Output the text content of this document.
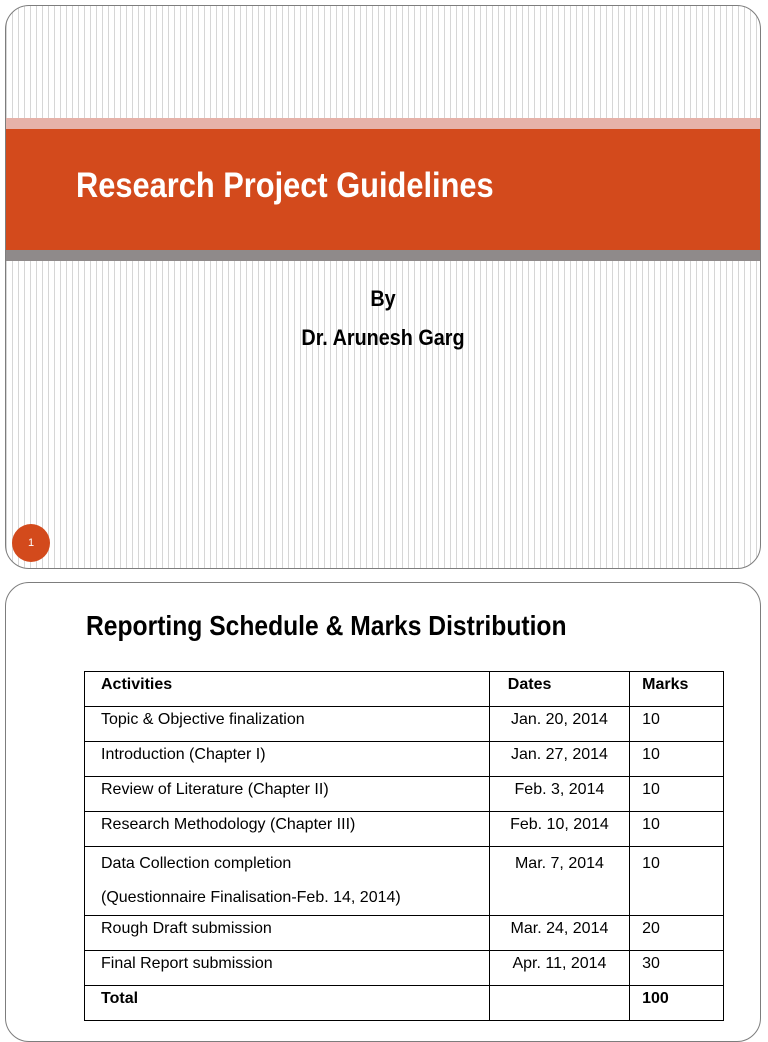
Research Project Guidelines
By
Dr. Arunesh Garg
1
Reporting Schedule & Marks Distribution
Activities	Dates	Marks
Topic & Objective finalization	Jan. 20, 2014	10
Introduction (Chapter I)	Jan. 27, 2014	10
Review of Literature (Chapter II)	Feb. 3, 2014	10
Research Methodology (Chapter III)	Feb. 10, 2014	10

Data Collection completion
(Questionnaire Finalisation-Feb. 14, 2014)	Mar. 7, 2014	10
Rough Draft submission	Mar. 24, 2014	20
Final Report submission	Apr. 11, 2014	30
Total		100
